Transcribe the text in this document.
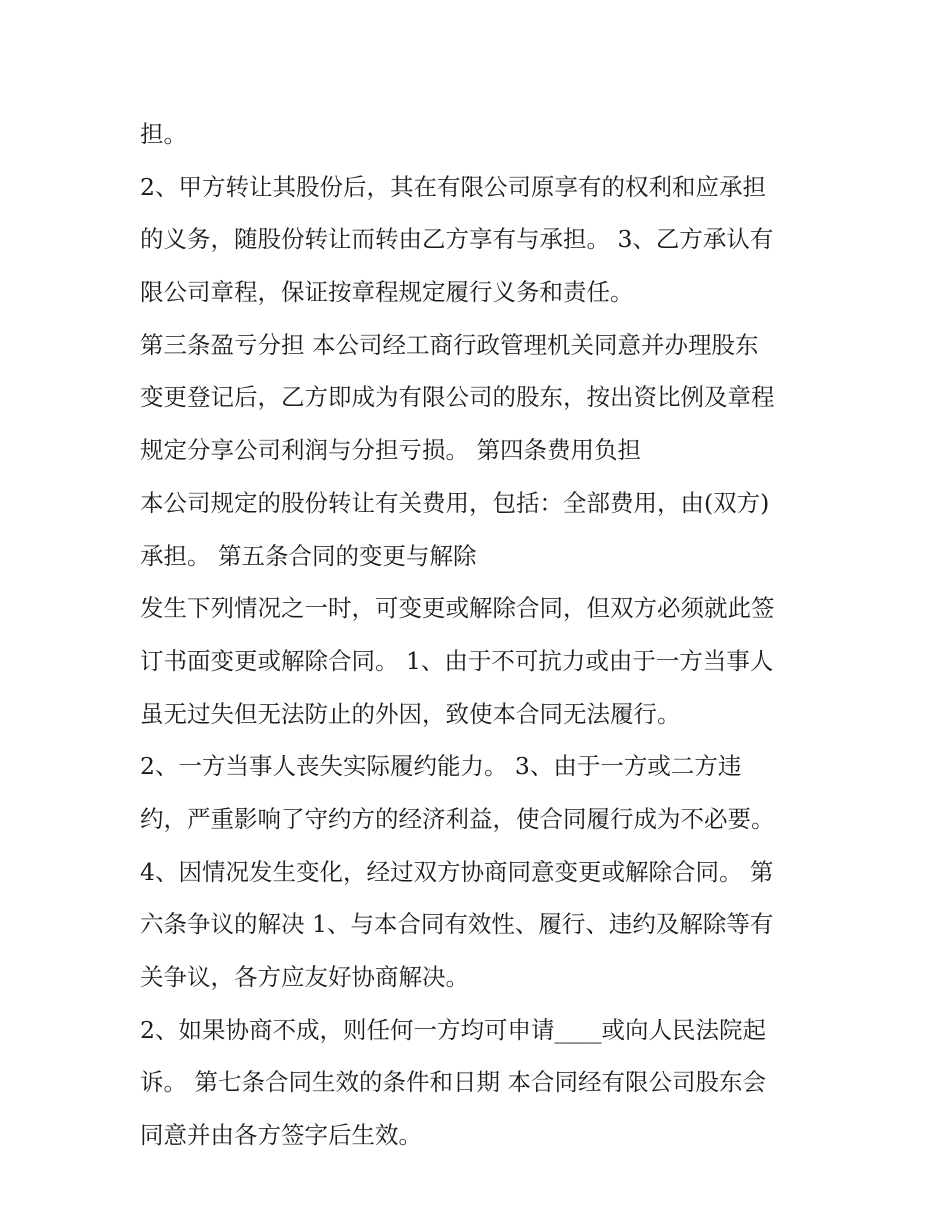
担。
2、甲方转让其股份后，其在有限公司原享有的权利和应承担
的义务，随股份转让而转由乙方享有与承担。 3、乙方承认有
限公司章程，保证按章程规定履行义务和责任。
第三条盈亏分担 本公司经工商行政管理机关同意并办理股东
变更登记后，乙方即成为有限公司的股东，按出资比例及章程
规定分享公司利润与分担亏损。 第四条费用负担
本公司规定的股份转让有关费用，包括：全部费用，由(双方)
承担。 第五条合同的变更与解除
发生下列情况之一时，可变更或解除合同，但双方必须就此签
订书面变更或解除合同。 1、由于不可抗力或由于一方当事人
虽无过失但无法防止的外因，致使本合同无法履行。
2、一方当事人丧失实际履约能力。 3、由于一方或二方违
约，严重影响了守约方的经济利益，使合同履行成为不必要。
4、因情况发生变化，经过双方协商同意变更或解除合同。 第
六条争议的解决 1、与本合同有效性、履行、违约及解除等有
关争议，各方应友好协商解决。
2、如果协商不成，则任何一方均可申请____或向人民法院起
诉。 第七条合同生效的条件和日期 本合同经有限公司股东会
同意并由各方签字后生效。
